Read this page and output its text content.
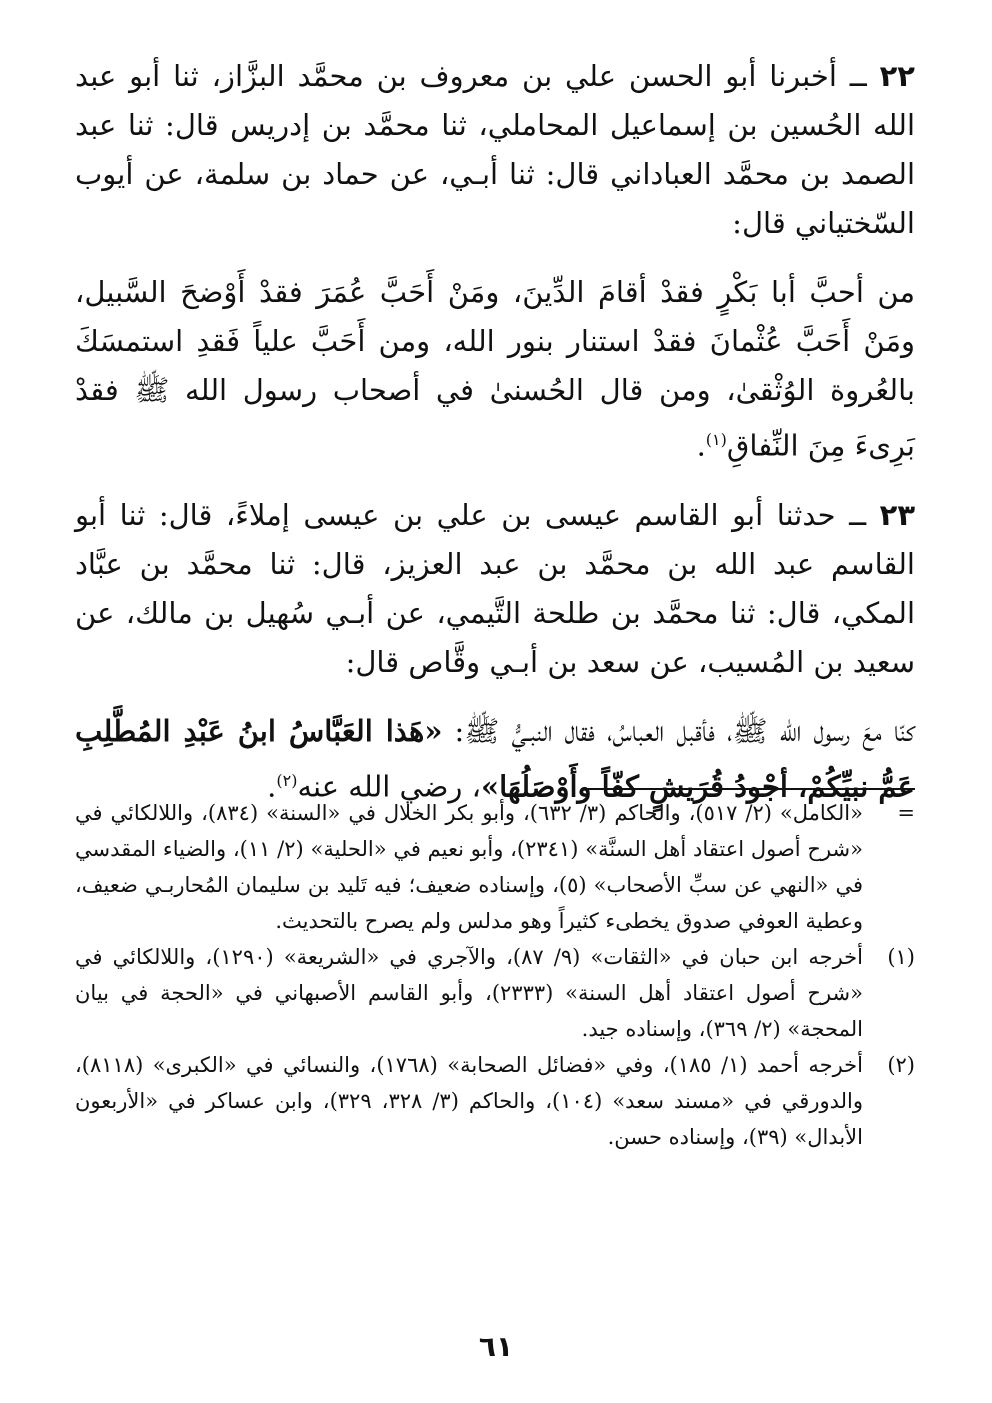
٢٢ ــ أخبرنا أبو الحسن علي بن معروف بن محمَّد البزَّاز، ثنا أبو عبد الله الحُسين بن إسماعيل المحاملي، ثنا محمَّد بن إدريس قال: ثنا عبد الصمد بن محمَّد العباداني قال: ثنا أبـي، عن حماد بن سلمة، عن أيوب السّختياني قال:

من أحبَّ أبا بَكْرٍ فقدْ أقامَ الدِّينَ، ومَنْ أَحَبَّ عُمَرَ فقدْ أَوْضحَ السَّبيل، ومَنْ أَحَبَّ عُثْمانَ فقدْ استنار بنور الله، ومن أَحَبَّ علياً فَقدِ استمسَكَ بالعُروة الوُثْقىٰ، ومن قال الحُسنىٰ في أصحاب رسول الله ﷺ فقدْ بَرِىءَ مِنَ النِّفاقِ$^{(١)}$.

٢٣ ــ حدثنا أبو القاسم عيسى بن علي بن عيسى إملاءً، قال: ثنا أبو القاسم عبد الله بن محمَّد بن عبد العزيز، قال: ثنا محمَّد بن عبَّاد المكي، قال: ثنا محمَّد بن طلحة التَّيمي، عن أبـي سُهيل بن مالك، عن سعيد بن المُسيب، عن سعد بن أبـي وقَّاص قال:

كنّا معَ رسول الله ﷺ، فأقبل العباسُ، فقال النبـيُّ ﷺ: «هَذا العَبَّاسُ ابنُ عَبْدِ المُطَّلِبِ عَمُّ نبيِّكُمْ، أجْودُ قُرَيشٍ كفّاً وأَوْصَلُهَا»، رضي الله عنه$^{(٢)}$.

=
«الكامل» (٢/ ٥١٧)، والحاكم (٣/ ٦٣٢)، وأبو بكر الخلال في «السنة» (٨٣٤)، واللالكائي في «شرح أصول اعتقاد أهل السنَّة» (٢٣٤١)، وأبو نعيم في «الحلية» (٢/ ١١)، والضياء المقدسي في «النهي عن سبِّ الأصحاب» (٥)، وإسناده ضعيف؛ فيه تَليد بن سليمان المُحاربـي ضعيف، وعطية العوفي صدوق يخطىء كثيراً وهو مدلس ولم يصرح بالتحديث.
(١)
أخرجه ابن حبان في «الثقات» (٩/ ٨٧)، والآجري في «الشريعة» (١٢٩٠)، واللالكائي في «شرح أصول اعتقاد أهل السنة» (٢٣٣٣)، وأبو القاسم الأصبهاني في «الحجة في بيان المحجة» (٢/ ٣٦٩)، وإسناده جيد.
(٢)
أخرجه أحمد (١/ ١٨٥)، وفي «فضائل الصحابة» (١٧٦٨)، والنسائي في «الكبرى» (٨١١٨)، والدورقي في «مسند سعد» (١٠٤)، والحاكم (٣/ ٣٢٨، ٣٢٩)، وابن عساكر في «الأربعون الأبدال» (٣٩)، وإسناده حسن.
٦١
